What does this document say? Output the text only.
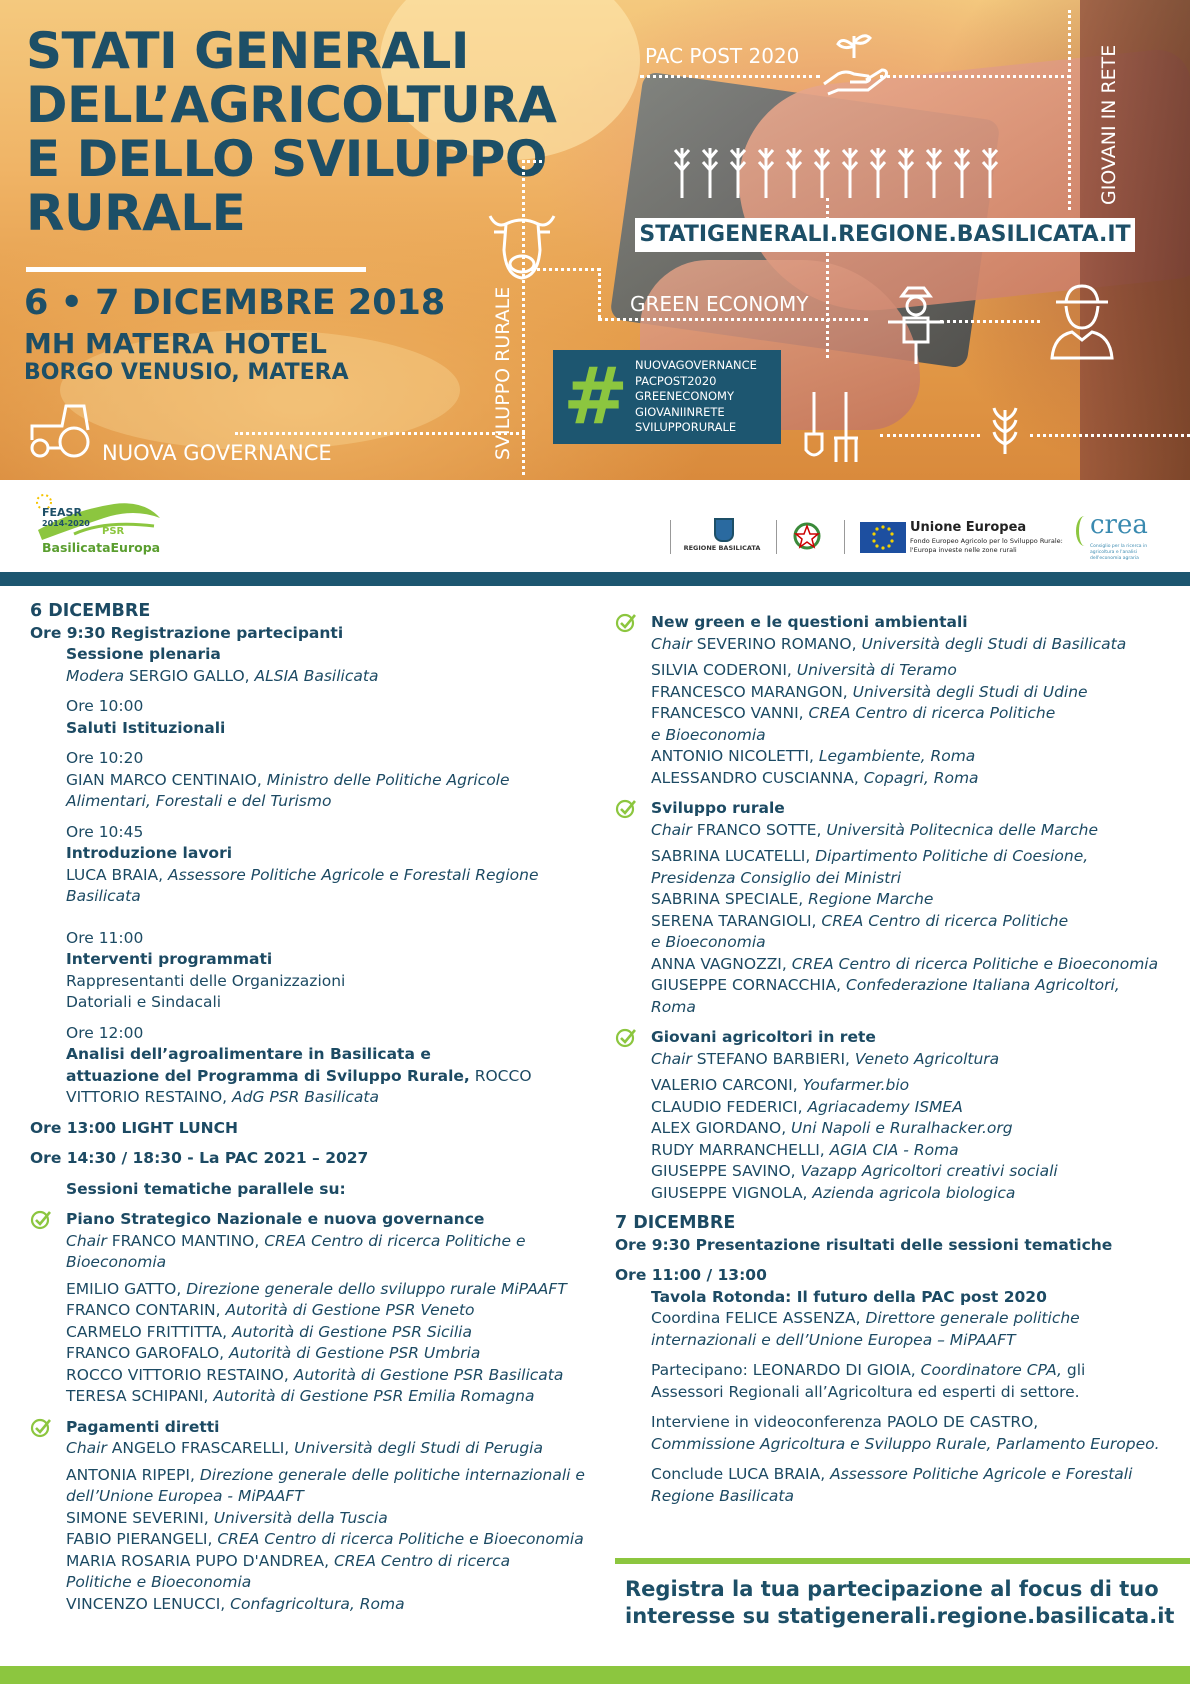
STATI GENERALI
DELL’AGRICOLTURA
E DELLO SVILUPPO
RURALE
6 • 7 DICEMBRE 2018
MH MATERA HOTEL
BORGO VENUSIO, MATERA
PAC POST 2020	GIOVANI IN RETE
SVILUPPO RURALE	GREEN ECONOMY
NUOVA GOVERNANCE
STATIGENERALI.REGIONE.BASILICATA.IT
# NUOVAGOVERNANCE
PACPOST2020
GREENECONOMY
GIOVANIINRETE
SVILUPPORURALE
FEASR
2014-2020
PSR
BasilicataEuropa	REGIONE BASILICATA
Unione Europea
Fondo Europeo Agricolo per lo Sviluppo Rurale:
l'Europa investe nelle zone rurali
crea
Consiglio per la ricerca in agricoltura e l'analisi dell'economia agraria
6 DICEMBRE
Ore 9:30 Registrazione partecipanti
Sessione plenaria
Modera SERGIO GALLO, ALSIA Basilicata
Ore 10:00
Saluti Istituzionali
Ore 10:20
GIAN MARCO CENTINAIO, Ministro delle Politiche Agricole
Alimentari, Forestali e del Turismo
Ore 10:45
Introduzione lavori
LUCA BRAIA, Assessore Politiche Agricole e Forestali Regione
Basilicata
Ore 11:00
Interventi programmati
Rappresentanti delle Organizzazioni
Datoriali e Sindacali
Ore 12:00
Analisi dell’agroalimentare in Basilicata e
attuazione del Programma di Sviluppo Rurale, ROCCO
VITTORIO RESTAINO, AdG PSR Basilicata
Ore 13:00 LIGHT LUNCH
Ore 14:30 / 18:30 - La PAC 2021 – 2027
Sessioni tematiche parallele su:
Piano Strategico Nazionale e nuova governance
Chair FRANCO MANTINO, CREA Centro di ricerca Politiche e
Bioeconomia
EMILIO GATTO, Direzione generale dello sviluppo rurale MiPAAFT
FRANCO CONTARIN, Autorità di Gestione PSR Veneto
CARMELO FRITTITTA, Autorità di Gestione PSR Sicilia
FRANCO GAROFALO, Autorità di Gestione PSR Umbria
ROCCO VITTORIO RESTAINO, Autorità di Gestione PSR Basilicata
TERESA SCHIPANI, Autorità di Gestione PSR Emilia Romagna
Pagamenti diretti
Chair ANGELO FRASCARELLI, Università degli Studi di Perugia
ANTONIA RIPEPI, Direzione generale delle politiche internazionali e
dell’Unione Europea - MiPAAFT
SIMONE SEVERINI, Università della Tuscia
FABIO PIERANGELI, CREA Centro di ricerca Politiche e Bioeconomia
MARIA ROSARIA PUPO D'ANDREA, CREA Centro di ricerca
Politiche e Bioeconomia
VINCENZO LENUCCI, Confagricoltura, Roma
New green e le questioni ambientali
Chair SEVERINO ROMANO, Università degli Studi di Basilicata
SILVIA CODERONI, Università di Teramo
FRANCESCO MARANGON, Università degli Studi di Udine
FRANCESCO VANNI, CREA Centro di ricerca Politiche
e Bioeconomia
ANTONIO NICOLETTI, Legambiente, Roma
ALESSANDRO CUSCIANNA, Copagri, Roma
Sviluppo rurale
Chair FRANCO SOTTE, Università Politecnica delle Marche
SABRINA LUCATELLI, Dipartimento Politiche di Coesione,
Presidenza Consiglio dei Ministri
SABRINA SPECIALE, Regione Marche
SERENA TARANGIOLI, CREA Centro di ricerca Politiche
e Bioeconomia
ANNA VAGNOZZI, CREA Centro di ricerca Politiche e Bioeconomia
GIUSEPPE CORNACCHIA, Confederazione Italiana Agricoltori,
Roma
Giovani agricoltori in rete
Chair STEFANO BARBIERI, Veneto Agricoltura
VALERIO CARCONI, Youfarmer.bio
CLAUDIO FEDERICI, Agriacademy ISMEA
ALEX GIORDANO, Uni Napoli e Ruralhacker.org
RUDY MARRANCHELLI, AGIA CIA - Roma
GIUSEPPE SAVINO, Vazapp Agricoltori creativi sociali
GIUSEPPE VIGNOLA, Azienda agricola biologica
7 DICEMBRE
Ore 9:30 Presentazione risultati delle sessioni tematiche
Ore 11:00 / 13:00
Tavola Rotonda: Il futuro della PAC post 2020
Coordina FELICE ASSENZA, Direttore generale politiche
internazionali e dell’Unione Europea – MiPAAFT
Partecipano: LEONARDO DI GIOIA, Coordinatore CPA, gli
Assessori Regionali all’Agricoltura ed esperti di settore.
Interviene in videoconferenza PAOLO DE CASTRO,
Commissione Agricoltura e Sviluppo Rurale, Parlamento Europeo.
Conclude LUCA BRAIA, Assessore Politiche Agricole e Forestali
Regione Basilicata
Registra la tua partecipazione al focus di tuo
interesse su statigenerali.regione.basilicata.it
